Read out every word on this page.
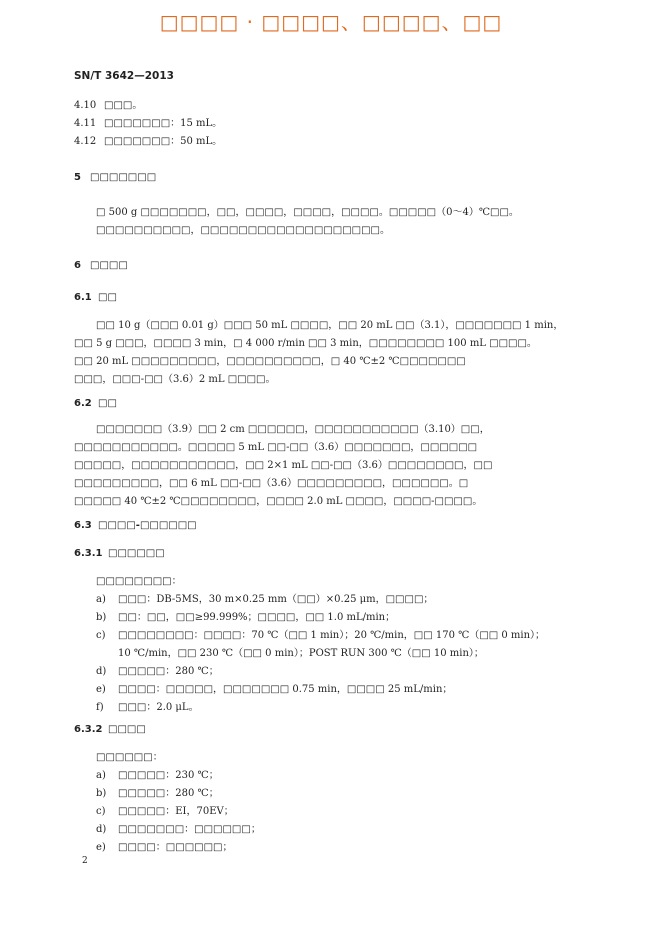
□□□□ · □□□□、□□□□、□□
SN/T 3642—2013
4.10 □□□。
4.11 □□□□□□□：15 mL。
4.12 □□□□□□□：50 mL。
5 □□□□□□□
□ 500 g □□□□□□□，□□，□□□□，□□□□，□□□□。□□□□□（0～4）℃□□。
□□□□□□□□□□，□□□□□□□□□□□□□□□□□□□。
6 □□□□
6.1 □□
□□ 10 g（□□□ 0.01 g）□□□ 50 mL □□□□，□□ 20 mL □□（3.1），□□□□□□□ 1 min，
□□ 5 g □□□，□□□□ 3 min，□ 4 000 r/min □□ 3 min，□□□□□□□□ 100 mL □□□□。
□□ 20 mL □□□□□□□□□，□□□□□□□□□□，□ 40 ℃±2 ℃□□□□□□□
□□□，□□□-□□（3.6）2 mL □□□□。
6.2 □□
□□□□□□□（3.9）□□ 2 cm □□□□□□，□□□□□□□□□□□（3.10）□□，
□□□□□□□□□□□。□□□□□ 5 mL □□-□□（3.6）□□□□□□□，□□□□□□
□□□□□，□□□□□□□□□□□，□□ 2×1 mL □□-□□（3.6）□□□□□□□□，□□
□□□□□□□□□，□□ 6 mL □□-□□（3.6）□□□□□□□□□，□□□□□□。□
□□□□□ 40 ℃±2 ℃□□□□□□□□，□□□□ 2.0 mL □□□□，□□□□-□□□□。
6.3 □□□□-□□□□□□
6.3.1 □□□□□□
□□□□□□□□：
a) □□□：DB-5MS，30 m×0.25 mm（□□）×0.25 μm，□□□□；
b) □□：□□，□□≥99.999%；□□□□，□□ 1.0 mL/min；
c) □□□□□□□□：□□□□：70 ℃（□□ 1 min）；20 ℃/min，□□ 170 ℃（□□ 0 min）；
10 ℃/min，□□ 230 ℃（□□ 0 min）；POST RUN 300 ℃（□□ 10 min）；
d) □□□□□：280 ℃；
e) □□□□：□□□□□，□□□□□□□ 0.75 min，□□□□ 25 mL/min；
f) □□□：2.0 μL。
6.3.2 □□□□
□□□□□□：
a) □□□□□：230 ℃；
b) □□□□□：280 ℃；
c) □□□□□：EI，70EV；
d) □□□□□□□：□□□□□□；
e) □□□□：□□□□□□；
2
